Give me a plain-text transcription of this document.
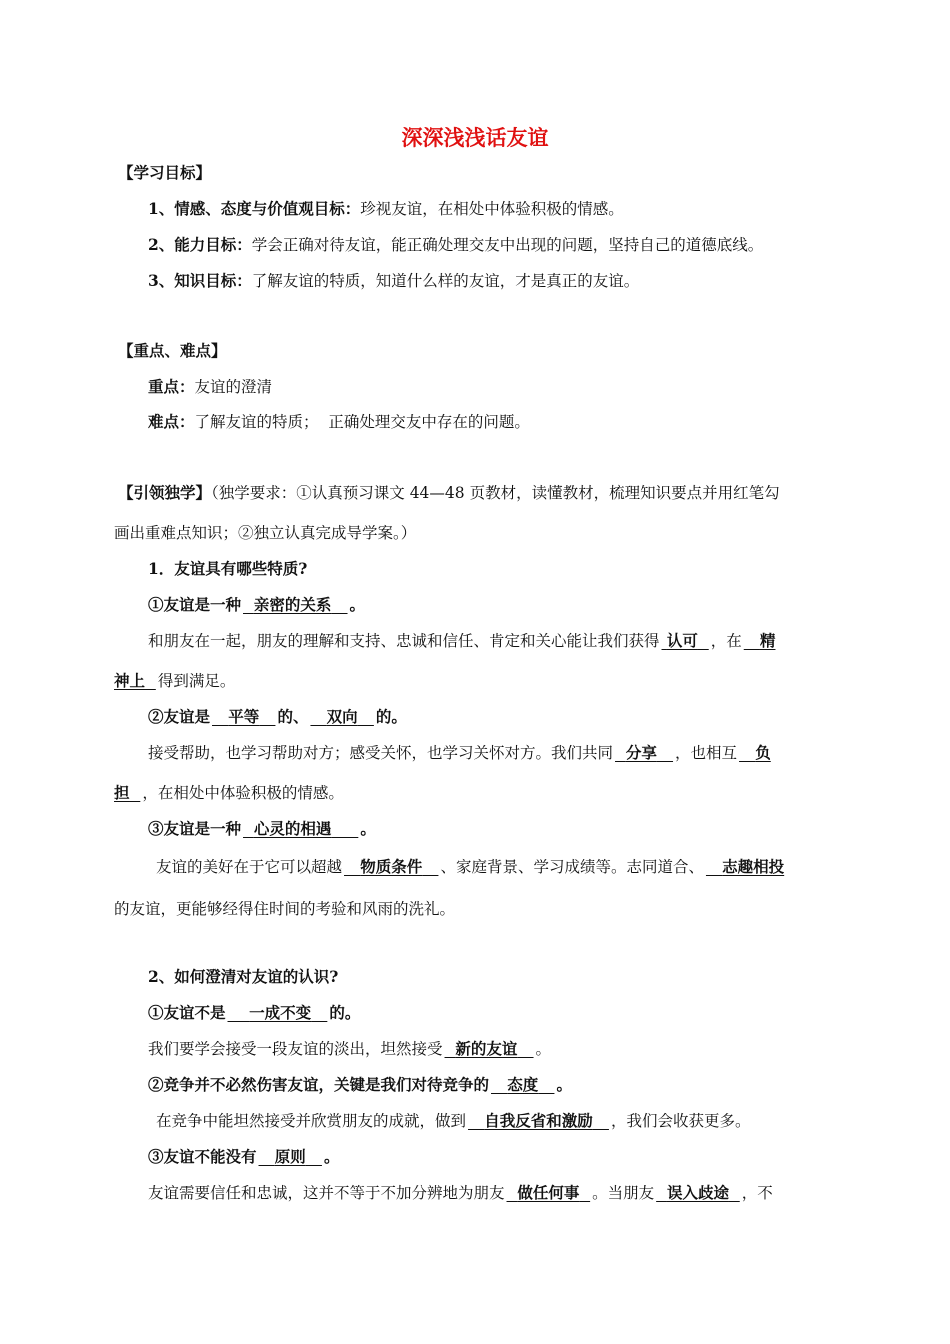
深深浅浅话友谊
【学习目标】
1、情感、态度与价值观目标：珍视友谊，在相处中体验积极的情感。
2、能力目标：学会正确对待友谊，能正确处理交友中出现的问题，坚持自己的道德底线。
3、知识目标：了解友谊的特质，知道什么样的友谊，才是真正的友谊。
【重点、难点】
重点：友谊的澄清
难点：了解友谊的特质；  正确处理交友中存在的问题。
【引领独学】（独学要求：①认真预习课文 44—48 页教材，读懂教材，梳理知识要点并用红笔勾
画出重难点知识；②独立认真完成导学案。）
1．友谊具有哪些特质?
①友谊是一种 亲密的关系 。
和朋友在一起，朋友的理解和支持、忠诚和信任、肯定和关心能让我们获得 认可 ，在 精
神上 得到满足。
②友谊是 平等 的、 双向 的。
接受帮助，也学习帮助对方；感受关怀，也学习关怀对方。我们共同 分享 ，也相互 负
担 ，在相处中体验积极的情感。
③友谊是一种 心灵的相遇 。
友谊的美好在于它可以超越 物质条件 、家庭背景、学习成绩等。志同道合、 志趣相投
的友谊，更能够经得住时间的考验和风雨的洗礼。
2、如何澄清对友谊的认识?
①友谊不是 一成不变 的。
我们要学会接受一段友谊的淡出，坦然接受 新的友谊 。
②竞争并不必然伤害友谊，关键是我们对待竞争的 态度 。
在竞争中能坦然接受并欣赏朋友的成就，做到 自我反省和激励 ，我们会收获更多。
③友谊不能没有 原则 。
友谊需要信任和忠诚，这并不等于不加分辨地为朋友 做任何事 。当朋友 误入歧途 ，不
